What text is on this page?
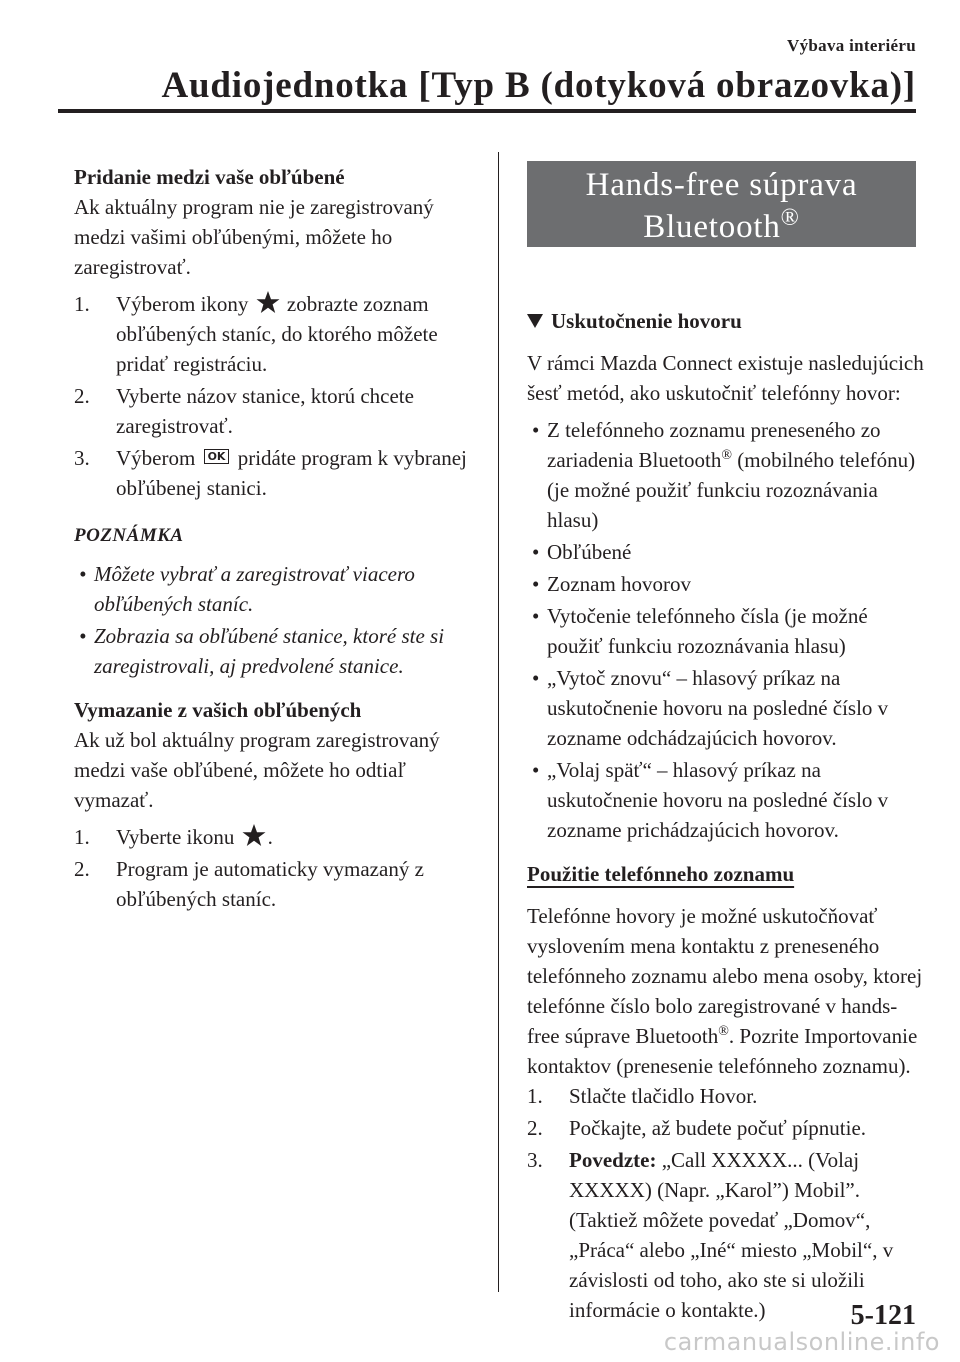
Výbava interiéru
Audiojednotka [Typ B (dotyková obrazovka)]

Pridanie medzi vaše obľúbené

Ak aktuálny program nie je zaregistrovaný medzi vašimi obľúbenými, môžete ho zaregistrovať.

1. Výberom ikony zobrazte zoznam obľúbených staníc, do ktorého môžete pridať registráciu.

2. Vyberte názov stanice, ktorú chcete zaregistrovať.

3. Výberom OK pridáte program k vybranej obľúbenej stanici.

POZNÁMKA

• Môžete vybrať a zaregistrovať viacero obľúbených staníc.

• Zobrazia sa obľúbené stanice, ktoré ste si zaregistrovali, aj predvolené stanice.

Vymazanie z vašich obľúbených

Ak už bol aktuálny program zaregistrovaný medzi vaše obľúbené, môžete ho odtiaľ vymazať.

1. Vyberte ikonu .

2. Program je automaticky vymazaný z obľúbených staníc.

Hands-free súprava
Bluetooth®

Uskutočnenie hovoru

V rámci Mazda Connect existuje nasledujúcich šesť metód, ako uskutočniť telefónny hovor:

• Z telefónneho zoznamu preneseného zo zariadenia Bluetooth® (mobilného telefónu) (je možné použiť funkciu rozoznávania hlasu)

• Obľúbené

• Zoznam hovorov

• Vytočenie telefónneho čísla (je možné použiť funkciu rozoznávania hlasu)

• „Vytoč znovu“ – hlasový príkaz na uskutočnenie hovoru na posledné číslo v zozname odchádzajúcich hovorov.

• „Volaj späť“ – hlasový príkaz na uskutočnenie hovoru na posledné číslo v zozname prichádzajúcich hovorov.

Použitie telefónneho zoznamu

Telefónne hovory je možné uskutočňovať vyslovením mena kontaktu z preneseného telefónneho zoznamu alebo mena osoby, ktorej telefónne číslo bolo zaregistrované v hands-free súprave Bluetooth®. Pozrite Importovanie kontaktov (prenesenie telefónneho zoznamu).

1. Stlačte tlačidlo Hovor.

2. Počkajte, až budete počuť pípnutie.

3. Povedzte: „Call XXXXX... (Volaj XXXXX) (Napr. „Karol”) Mobil”. (Taktiež môžete povedať „Domov“, „Práca“ alebo „Iné“ miesto „Mobil“, v závislosti od toho, ako ste si uložili informácie o kontakte.)	5-121
carmanualsonline.info
